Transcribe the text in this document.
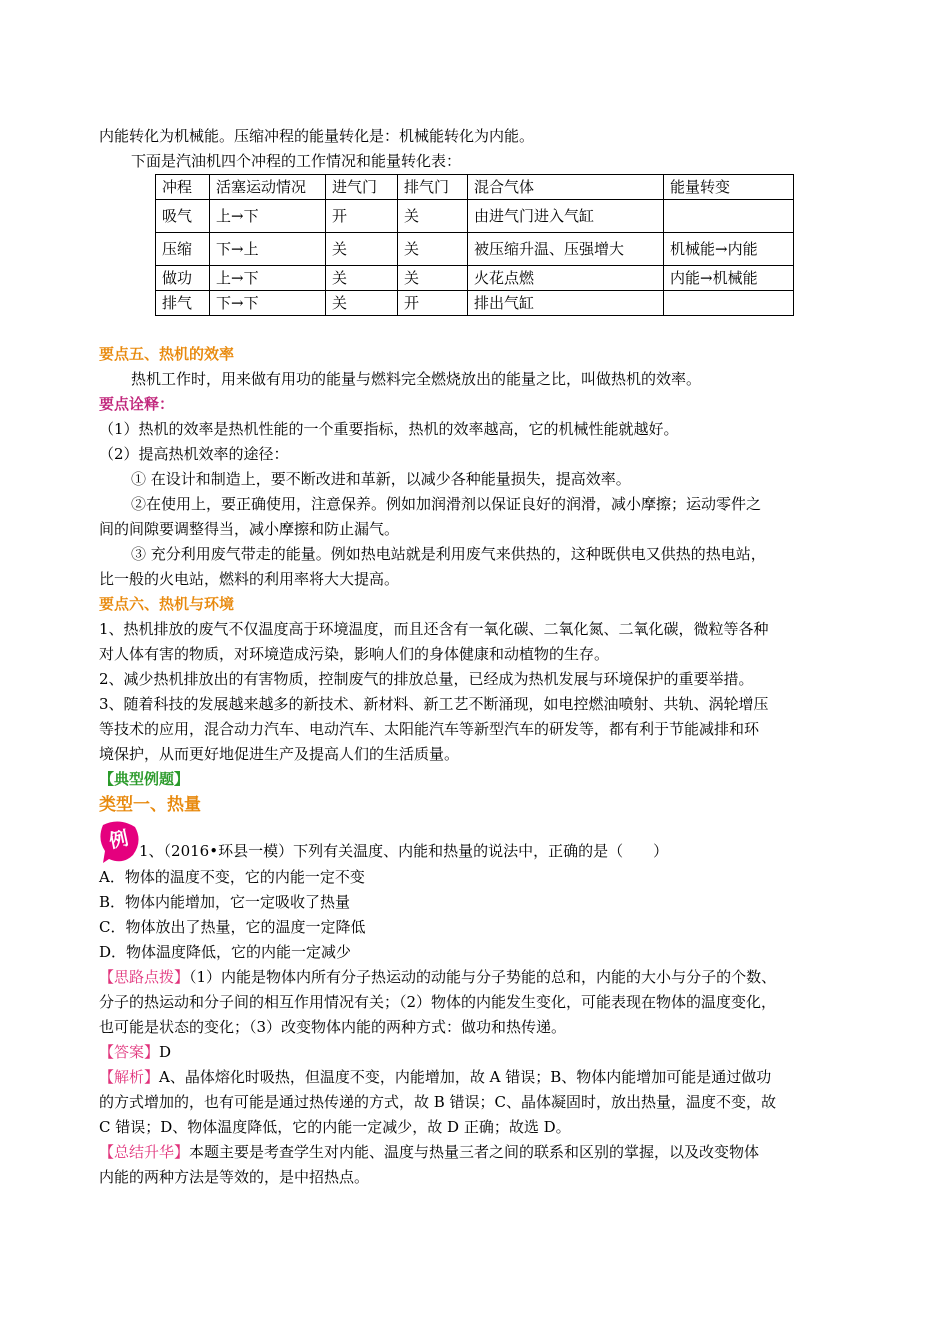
内能转化为机械能。压缩冲程的能量转化是：机械能转化为内能。

下面是汽油机四个冲程的工作情况和能量转化表：

冲程	活塞运动情况	进气门	排气门	混合气体	能量转变
吸气	上→下	开	关	由进气门进入气缸	
压缩	下→上	关	关	被压缩升温、压强增大	机械能→内能
做功	上→下	关	关	火花点燃	内能→机械能
排气	下→下	关	开	排出气缸	

要点五、热机的效率

热机工作时，用来做有用功的能量与燃料完全燃烧放出的能量之比，叫做热机的效率。

要点诠释：

（1）热机的效率是热机性能的一个重要指标，热机的效率越高，它的机械性能就越好。

（2）提高热机效率的途径：

① 在设计和制造上，要不断改进和革新，以减少各种能量损失，提高效率。

②在使用上，要正确使用，注意保养。例如加润滑剂以保证良好的润滑，减小摩擦；运动零件之

间的间隙要调整得当，减小摩擦和防止漏气。

③ 充分利用废气带走的能量。例如热电站就是利用废气来供热的，这种既供电又供热的热电站，

比一般的火电站，燃料的利用率将大大提高。

要点六、热机与环境

1、热机排放的废气不仅温度高于环境温度，而且还含有一氧化碳、二氧化氮、二氧化碳，微粒等各种

对人体有害的物质，对环境造成污染，影响人们的身体健康和动植物的生存。

2、减少热机排放出的有害物质，控制废气的排放总量，已经成为热机发展与环境保护的重要举措。

3、随着科技的发展越来越多的新技术、新材料、新工艺不断涌现，如电控燃油喷射、共轨、涡轮增压

等技术的应用，混合动力汽车、电动汽车、太阳能汽车等新型汽车的研发等，都有利于节能减排和环

境保护，从而更好地促进生产及提高人们的生活质量。

【典型例题】

类型一、热量

例 1、（2016•环县一模）下列有关温度、内能和热量的说法中，正确的是（　　）

A．物体的温度不变，它的内能一定不变

B．物体内能增加，它一定吸收了热量

C．物体放出了热量，它的温度一定降低

D．物体温度降低，它的内能一定减少

【思路点拨】（1）内能是物体内所有分子热运动的动能与分子势能的总和，内能的大小与分子的个数、

分子的热运动和分子间的相互作用情况有关；（2）物体的内能发生变化，可能表现在物体的温度变化，

也可能是状态的变化；（3）改变物体内能的两种方式：做功和热传递。

【答案】D

【解析】A、晶体熔化时吸热，但温度不变，内能增加，故 A 错误；B、物体内能增加可能是通过做功

的方式增加的，也有可能是通过热传递的方式，故 B 错误；C、晶体凝固时，放出热量，温度不变，故

C 错误；D、物体温度降低，它的内能一定减少，故 D 正确；故选 D。

【总结升华】本题主要是考查学生对内能、温度与热量三者之间的联系和区别的掌握，以及改变物体

内能的两种方法是等效的，是中招热点。
